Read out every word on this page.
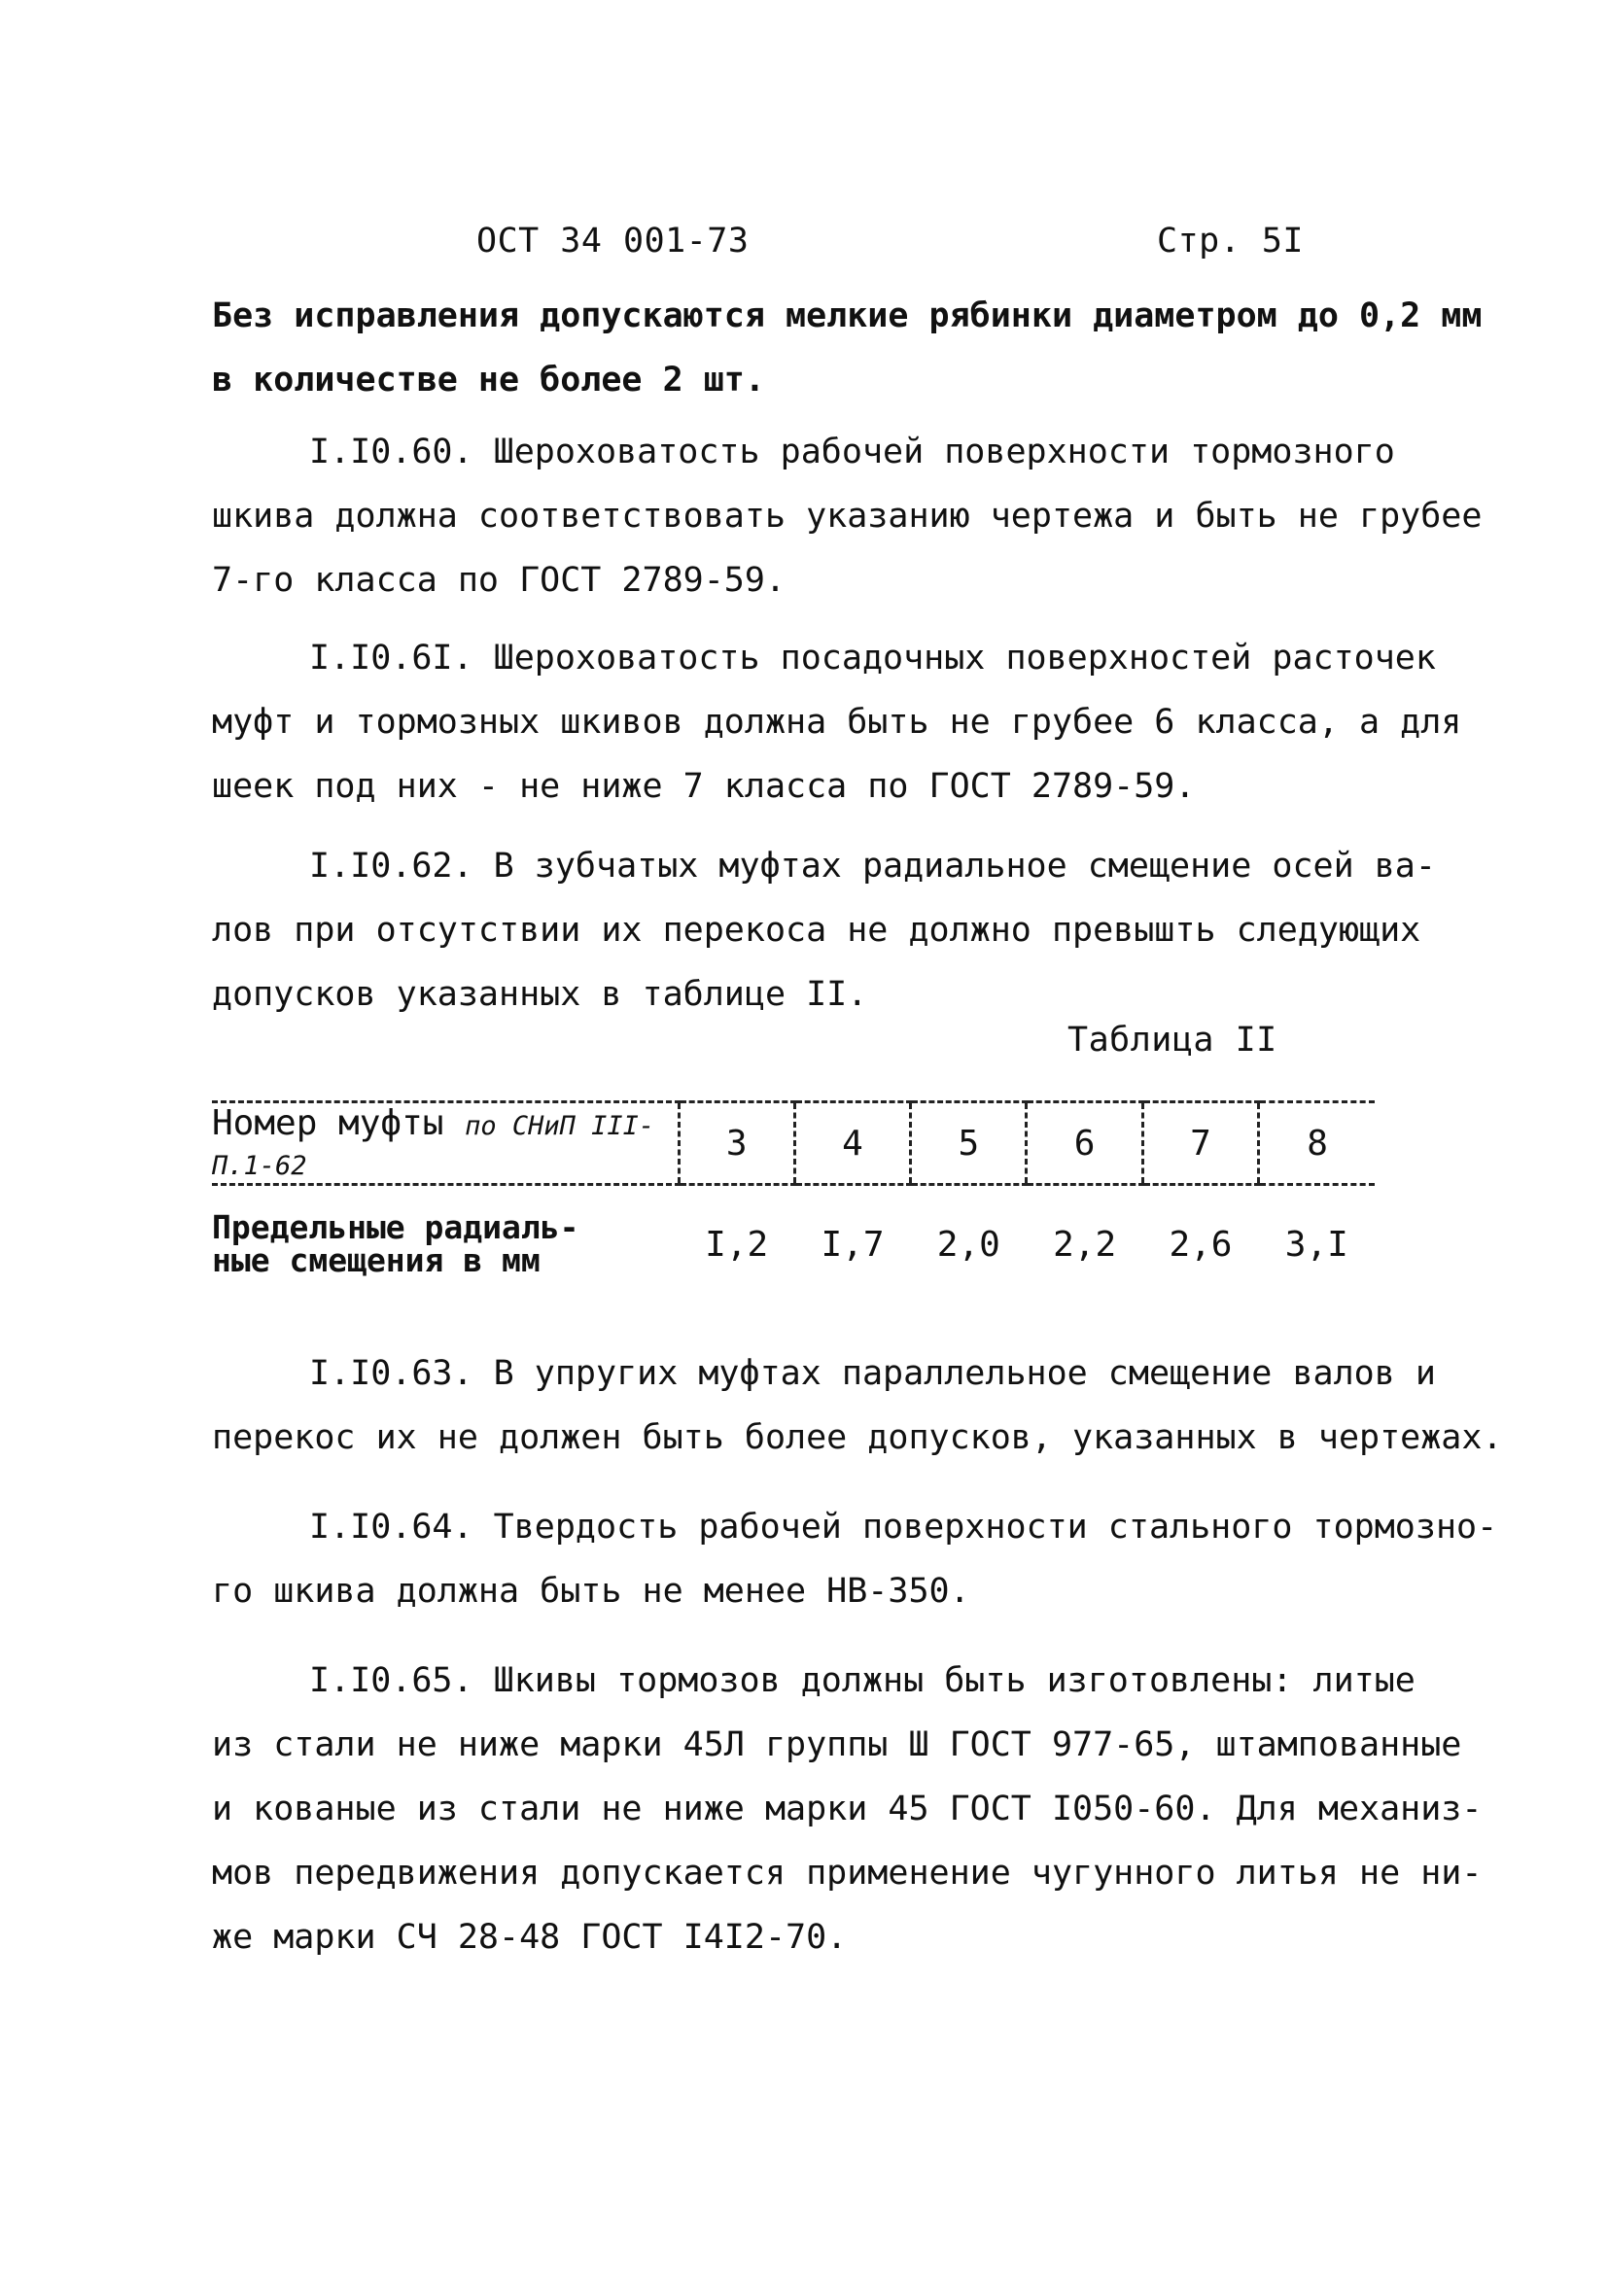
ОСТ 34 001-73	Стр. 5I
Без исправления допускаются мелкие рябинки диаметром до 0,2 мм
в количестве не более 2 шт.
I.I0.60. Шероховатость рабочей поверхности тормозного
шкива должна соответствовать указанию чертежа и быть не грубее
7-го класса по ГОСТ 2789-59.
I.I0.6I. Шероховатость посадочных поверхностей расточек
муфт и тормозных шкивов должна быть не грубее 6 класса, а для
шеек под них - не ниже 7 класса по ГОСТ 2789-59.
I.I0.62. В зубчатых муфтах радиальное смещение осей ва-
лов при отсутствии их перекоса не должно превышть следующих
допусков указанных в таблице II.
Таблица II
Номер муфты по СНиП III-П.1-62	3	4	5	6	7	8

Предельные радиаль-
ные смещения в мм	I,2	I,7	2,0	2,2	2,6	3,I
I.I0.63. В упругих муфтах параллельное смещение валов и
перекос их не должен быть более допусков, указанных в чертежах.
I.I0.64. Твердость рабочей поверхности стального тормозно-
го шкива должна быть не менее НВ-350.
I.I0.65. Шкивы тормозов должны быть изготовлены: литые
из стали не ниже марки 45Л группы Ш ГОСТ 977-65, штампованные
и кованые из стали не ниже марки 45 ГОСТ I050-60. Для механиз-
мов передвижения допускается применение чугунного литья не ни-
же марки СЧ 28-48 ГОСТ I4I2-70.
